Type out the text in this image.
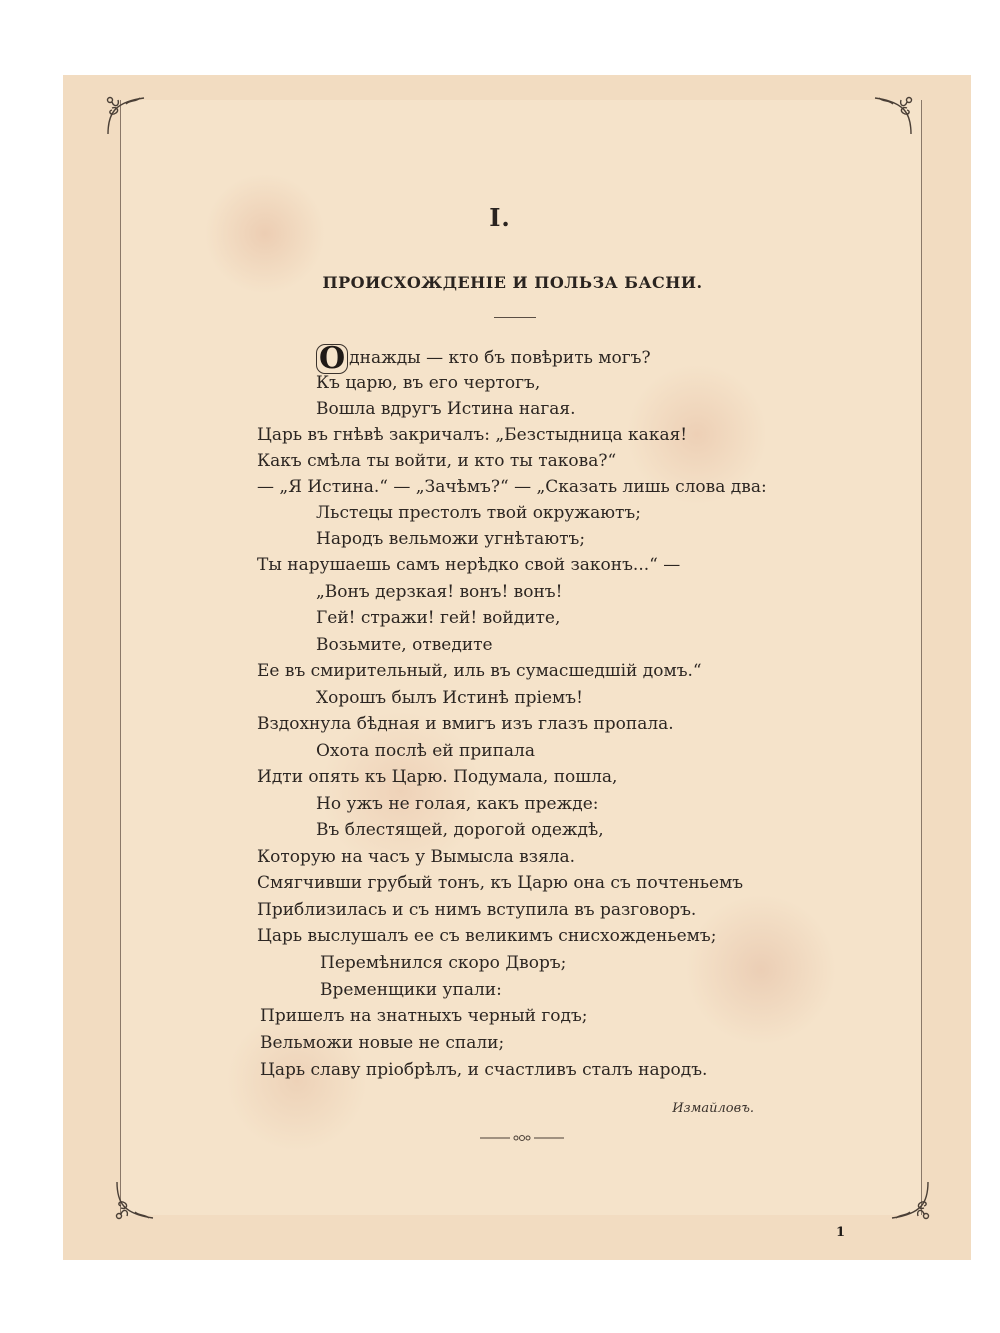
I.
ПРОИСХОЖДЕНІЕ И ПОЛЬЗА БАСНИ.
О днажды — кто бъ повѣрить могъ?
Къ царю, въ его чертогъ,
Вошла вдругъ Истина нагая.
Царь въ гнѣвѣ закричалъ: „Безстыдница какая!
Какъ смѣла ты войти, и кто ты такова?“
— „Я Истина.“ — „Зачѣмъ?“ — „Сказать лишь слова два:
Льстецы престолъ твой окружаютъ;
Народъ вельможи угнѣтаютъ;
Ты нарушаешь самъ нерѣдко свой законъ...“ —
„Вонъ дерзкая! вонъ! вонъ!
Гей! стражи! гей! войдите,
Возьмите, отведите
Ее въ смирительный, иль въ сумасшедшій домъ.“
Хорошъ былъ Истинѣ пріемъ!
Вздохнула бѣдная и вмигъ изъ глазъ пропала.
Охота послѣ ей припала
Идти опять къ Царю. Подумала, пошла,
Но ужъ не голая, какъ прежде:
Въ блестящей, дорогой одеждѣ,
Которую на часъ у Вымысла взяла.
Смягчивши грубый тонъ, къ Царю она съ почтеньемъ
Приблизилась и съ нимъ вступила въ разговоръ.
Царь выслушалъ ее съ великимъ снисхожденьемъ;
Перемѣнился скоро Дворъ;
Временщики упали:
Пришелъ на знатныхъ черный годъ;
Вельможи новые не спали;
Царь славу пріобрѣлъ, и счастливъ сталъ народъ.
Измайловъ.
1
